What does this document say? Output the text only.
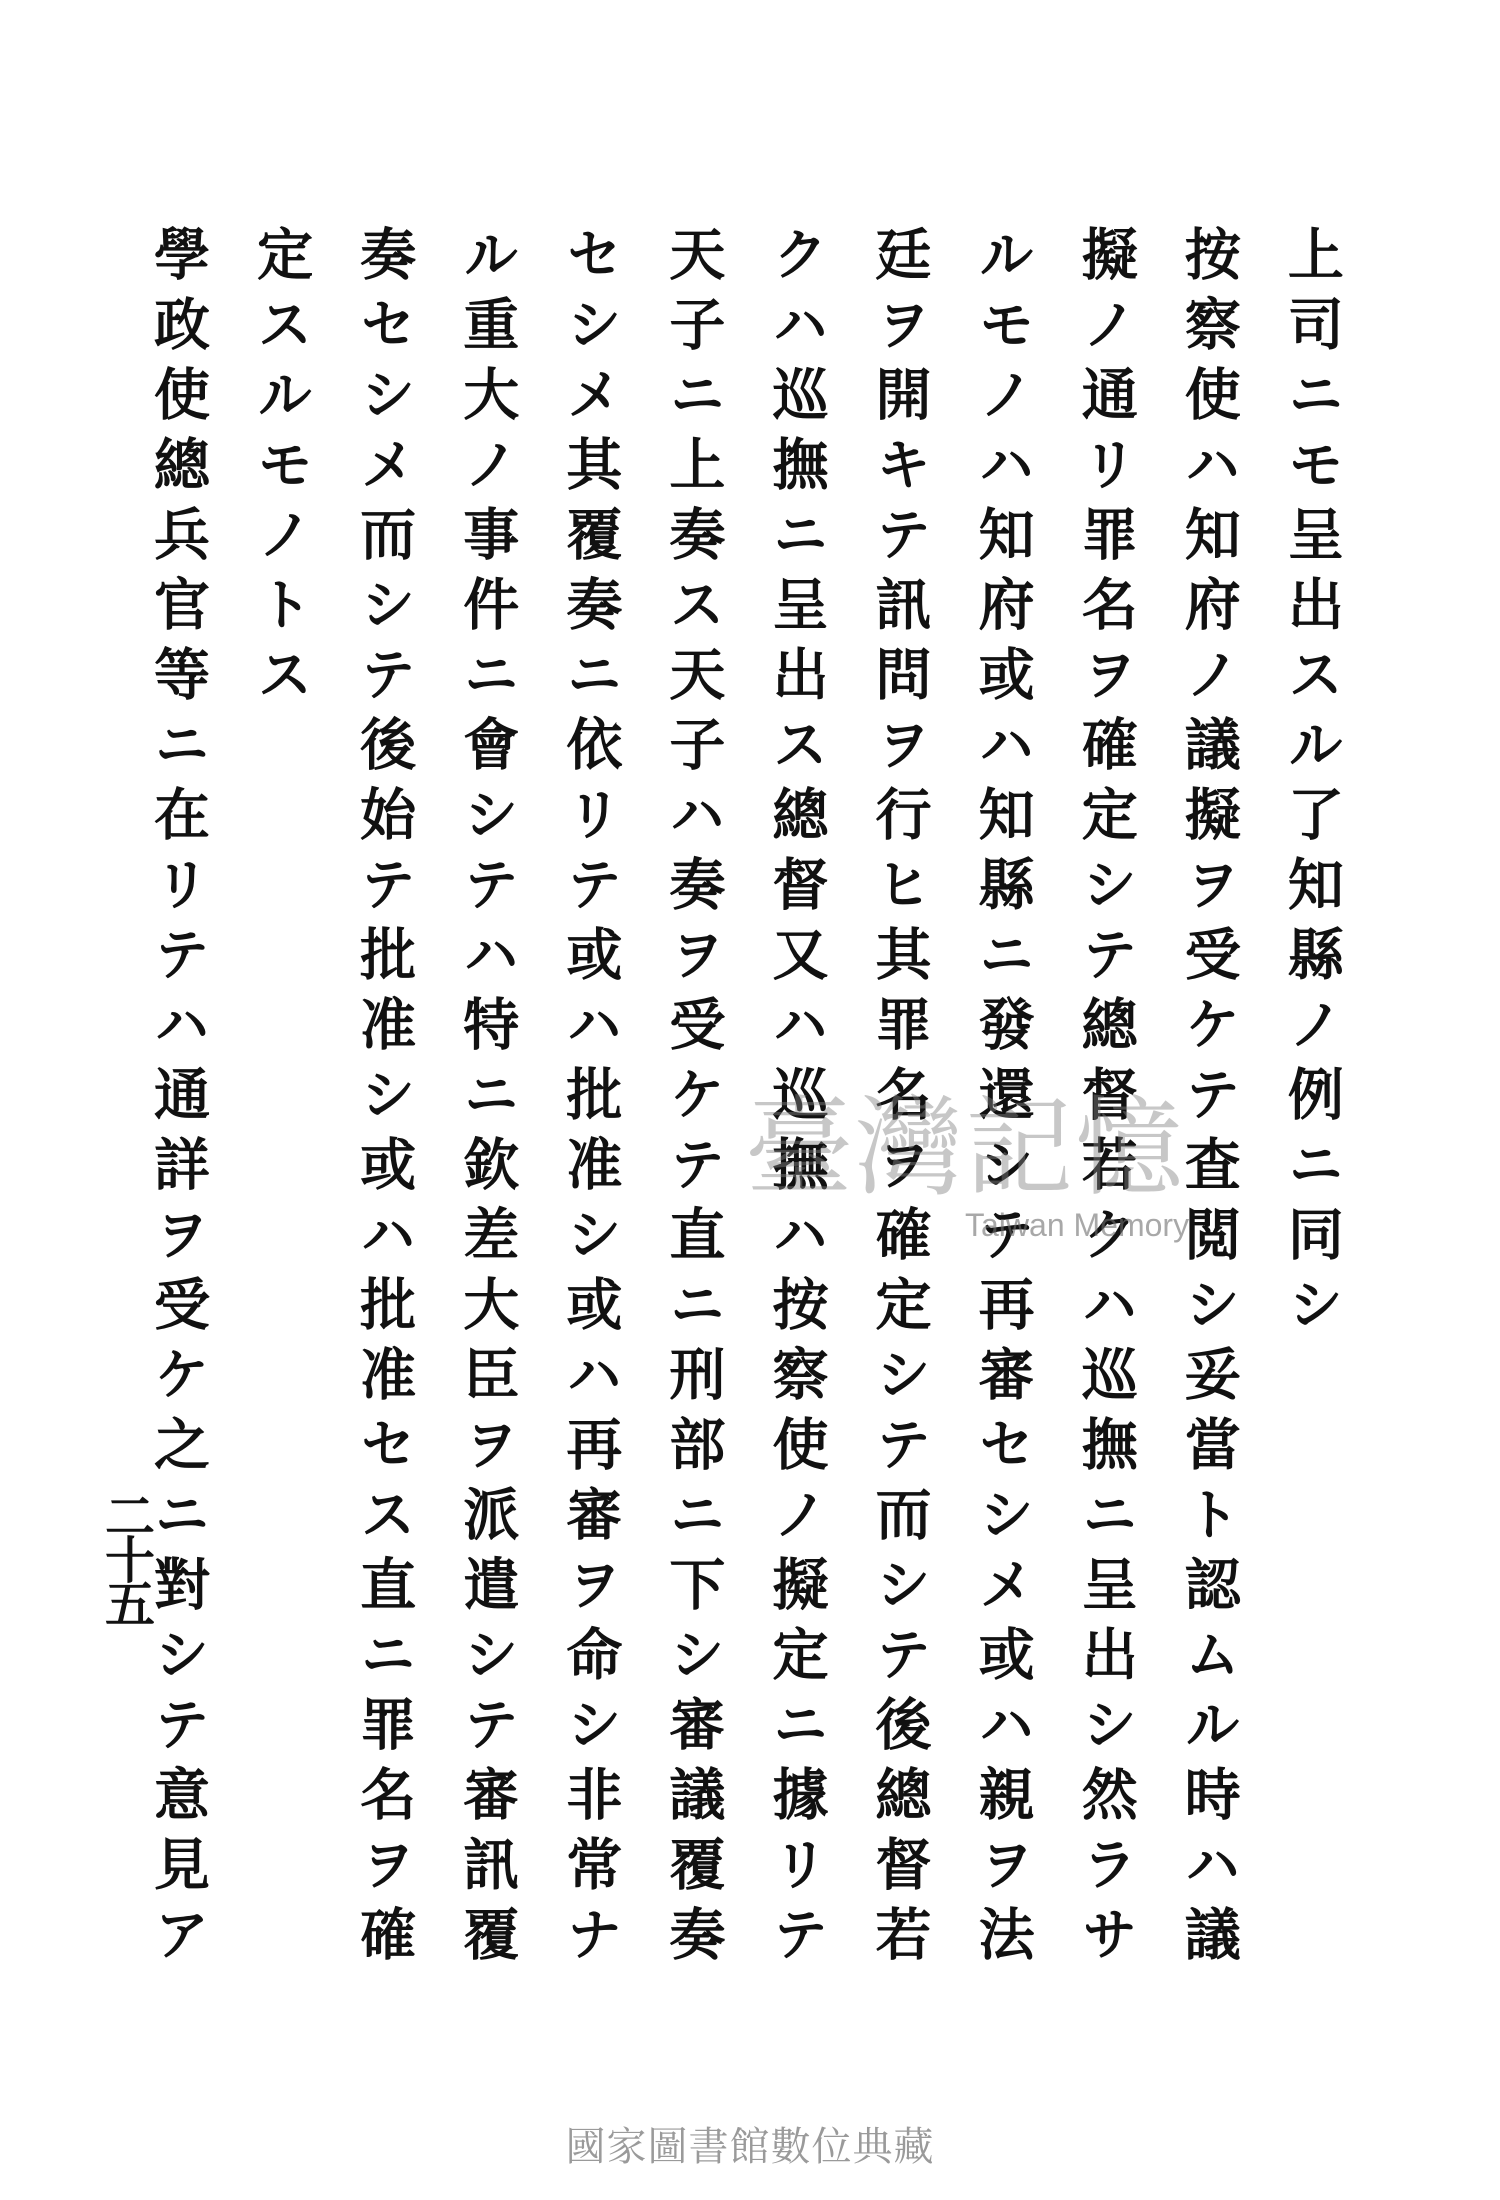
上司ニモ呈出スル了知縣ノ例ニ同シ
按察使ハ知府ノ議擬ヲ受ケテ査閲シ妥當ト認ムル時ハ議
擬ノ通リ罪名ヲ確定シテ總督若クハ巡撫ニ呈出シ然ラサ
ルモノハ知府或ハ知縣ニ發還シテ再審セシメ或ハ親ヲ法
廷ヲ開キテ訊問ヲ行ヒ其罪名ヲ確定シテ而シテ後總督若
クハ巡撫ニ呈出ス總督又ハ巡撫ハ按察使ノ擬定ニ據リテ
天子ニ上奏ス天子ハ奏ヲ受ケテ直ニ刑部ニ下シ審議覆奏
セシメ其覆奏ニ依リテ或ハ批准シ或ハ再審ヲ命シ非常ナ
ル重大ノ事件ニ會シテハ特ニ欽差大臣ヲ派遣シテ審訊覆
奏セシメ而シテ後始テ批准シ或ハ批准セス直ニ罪名ヲ確
定スルモノトス
學政使總兵官等ニ在リテハ通詳ヲ受ケ之ニ對シテ意見ア
二十五
臺灣記憶
Taiwan Memory
國家圖書館數位典藏
